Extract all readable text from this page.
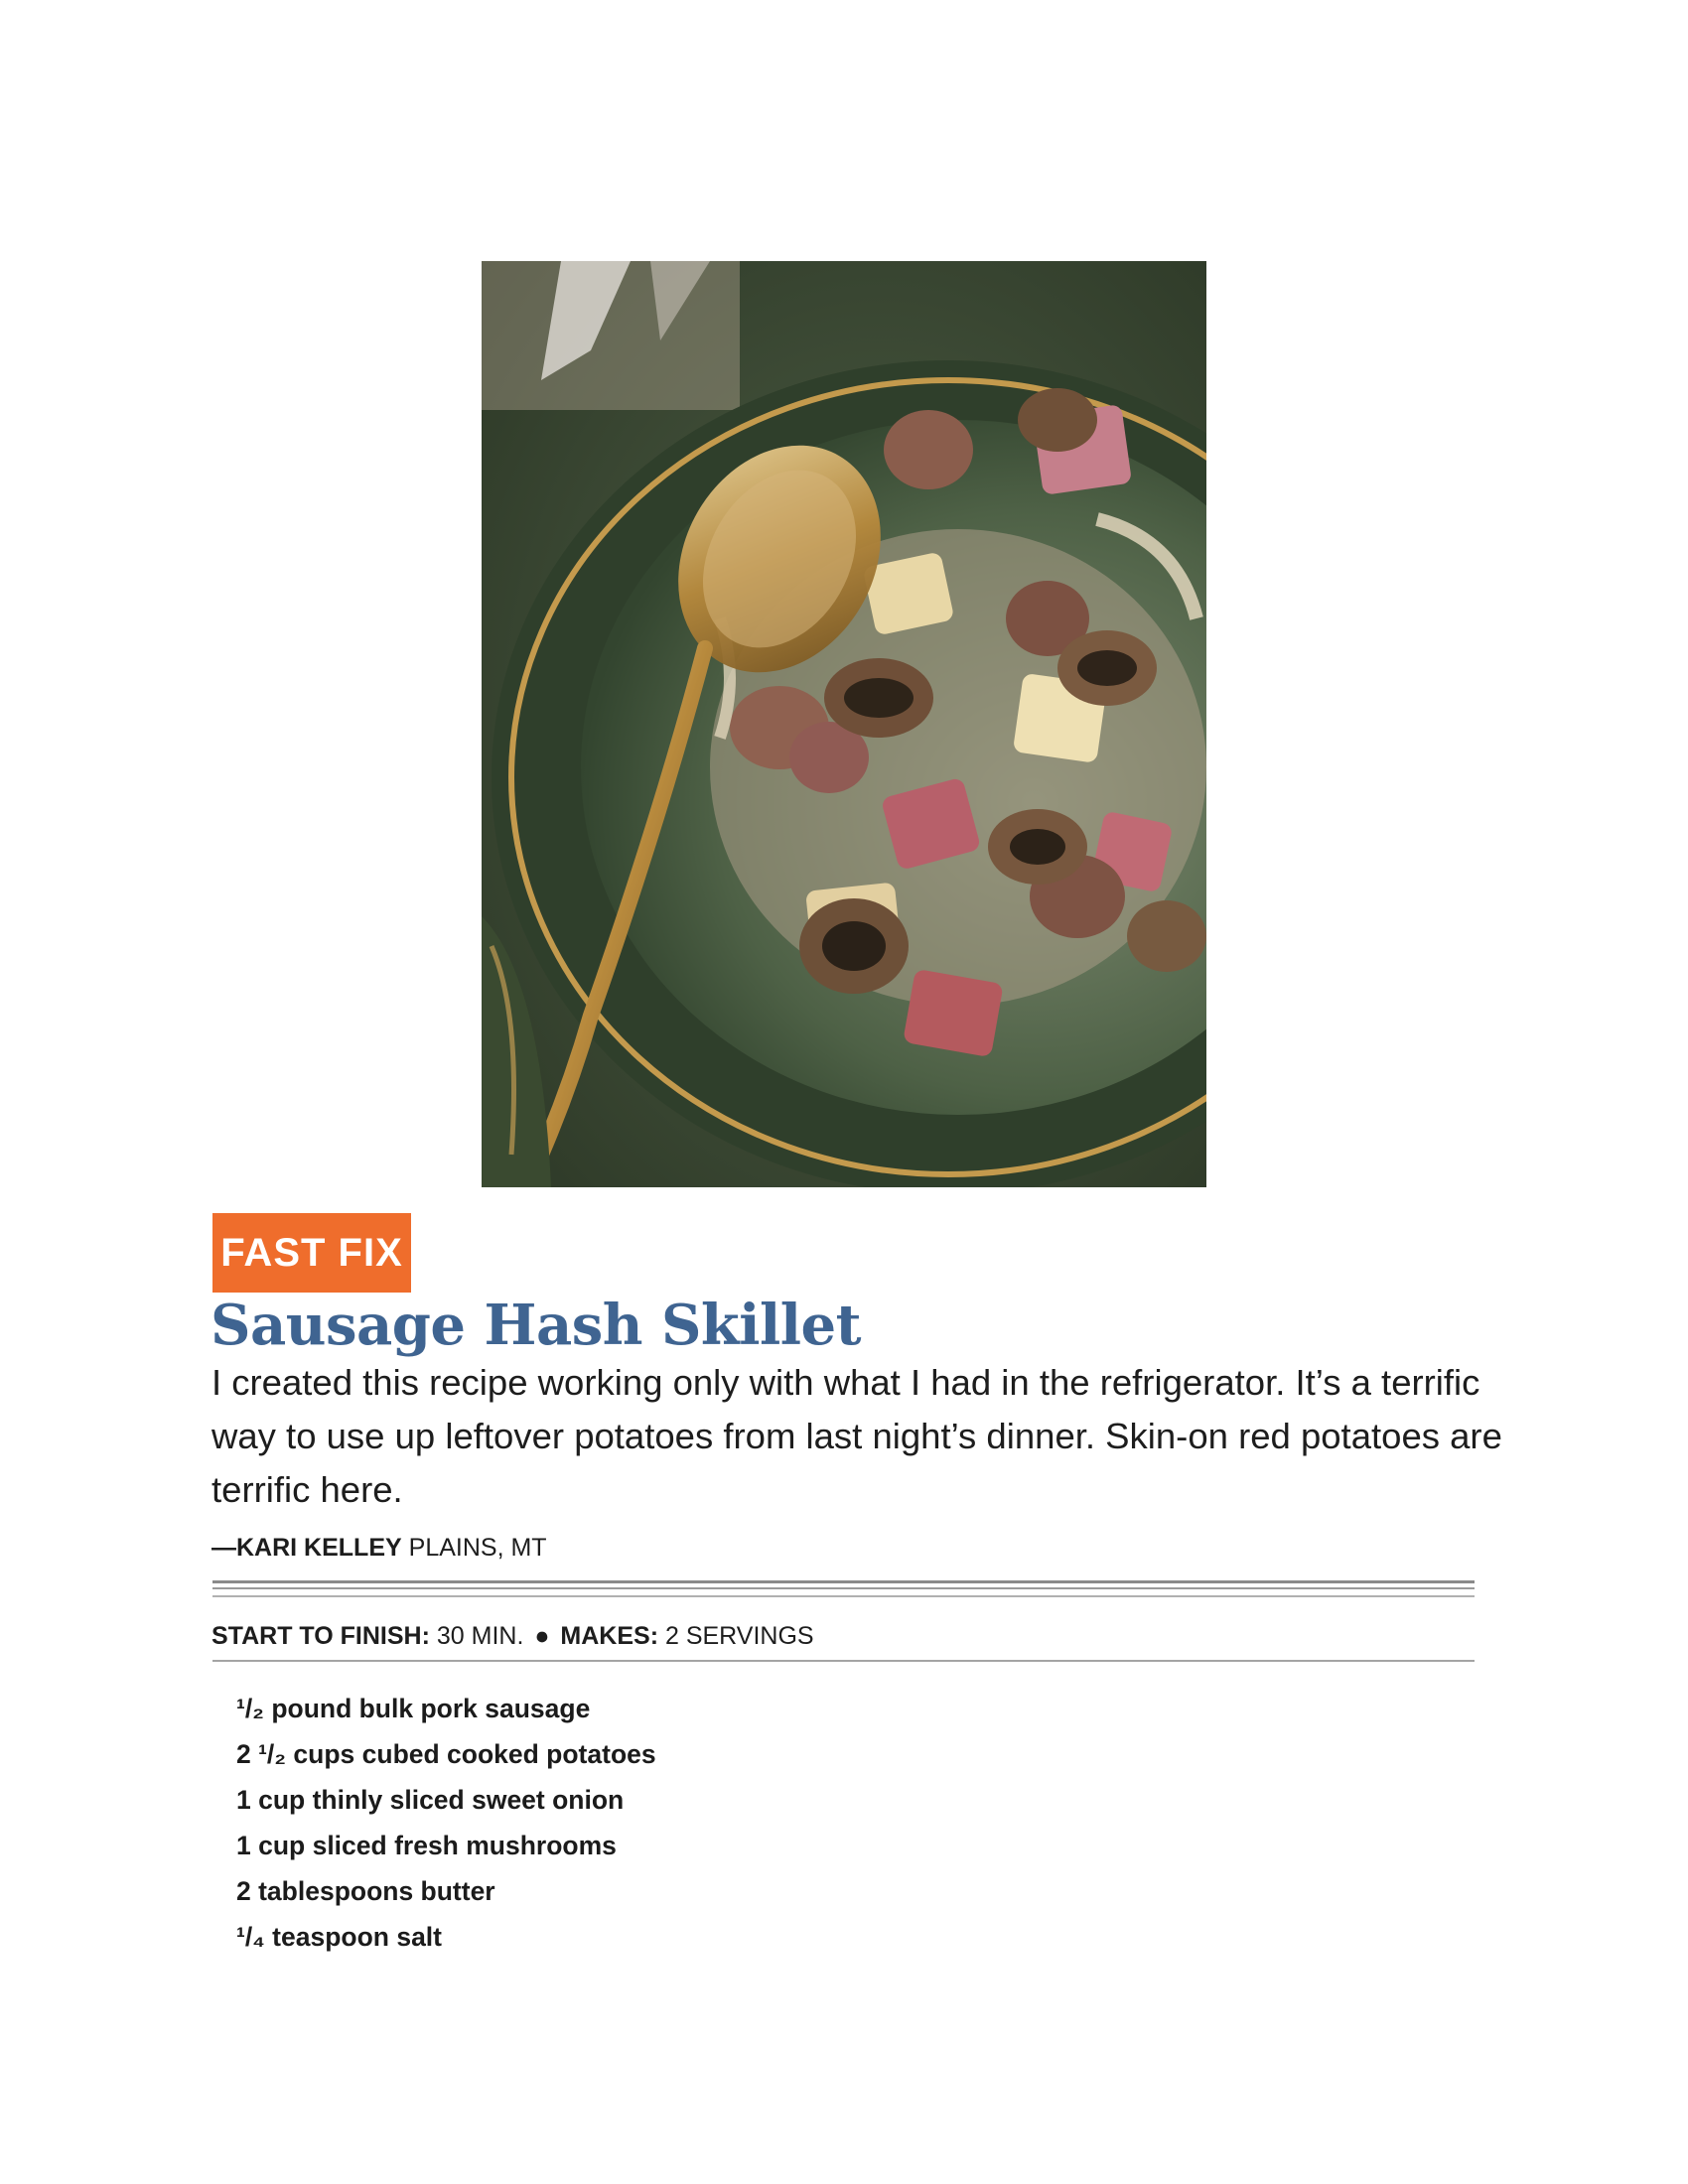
FAST FIX
Sausage Hash Skillet

I created this recipe working only with what I had in the refrigerator. It’s a terrific way to use up leftover potatoes from last night’s dinner. Skin-on red potatoes are terrific here.

—KARI KELLEY PLAINS, MT
START TO FINISH: 30 MIN. ● MAKES: 2 SERVINGS
¹/₂ pound bulk pork sausage
2 ¹/₂ cups cubed cooked potatoes
1 cup thinly sliced sweet onion
1 cup sliced fresh mushrooms
2 tablespoons butter
¹/₄ teaspoon salt
